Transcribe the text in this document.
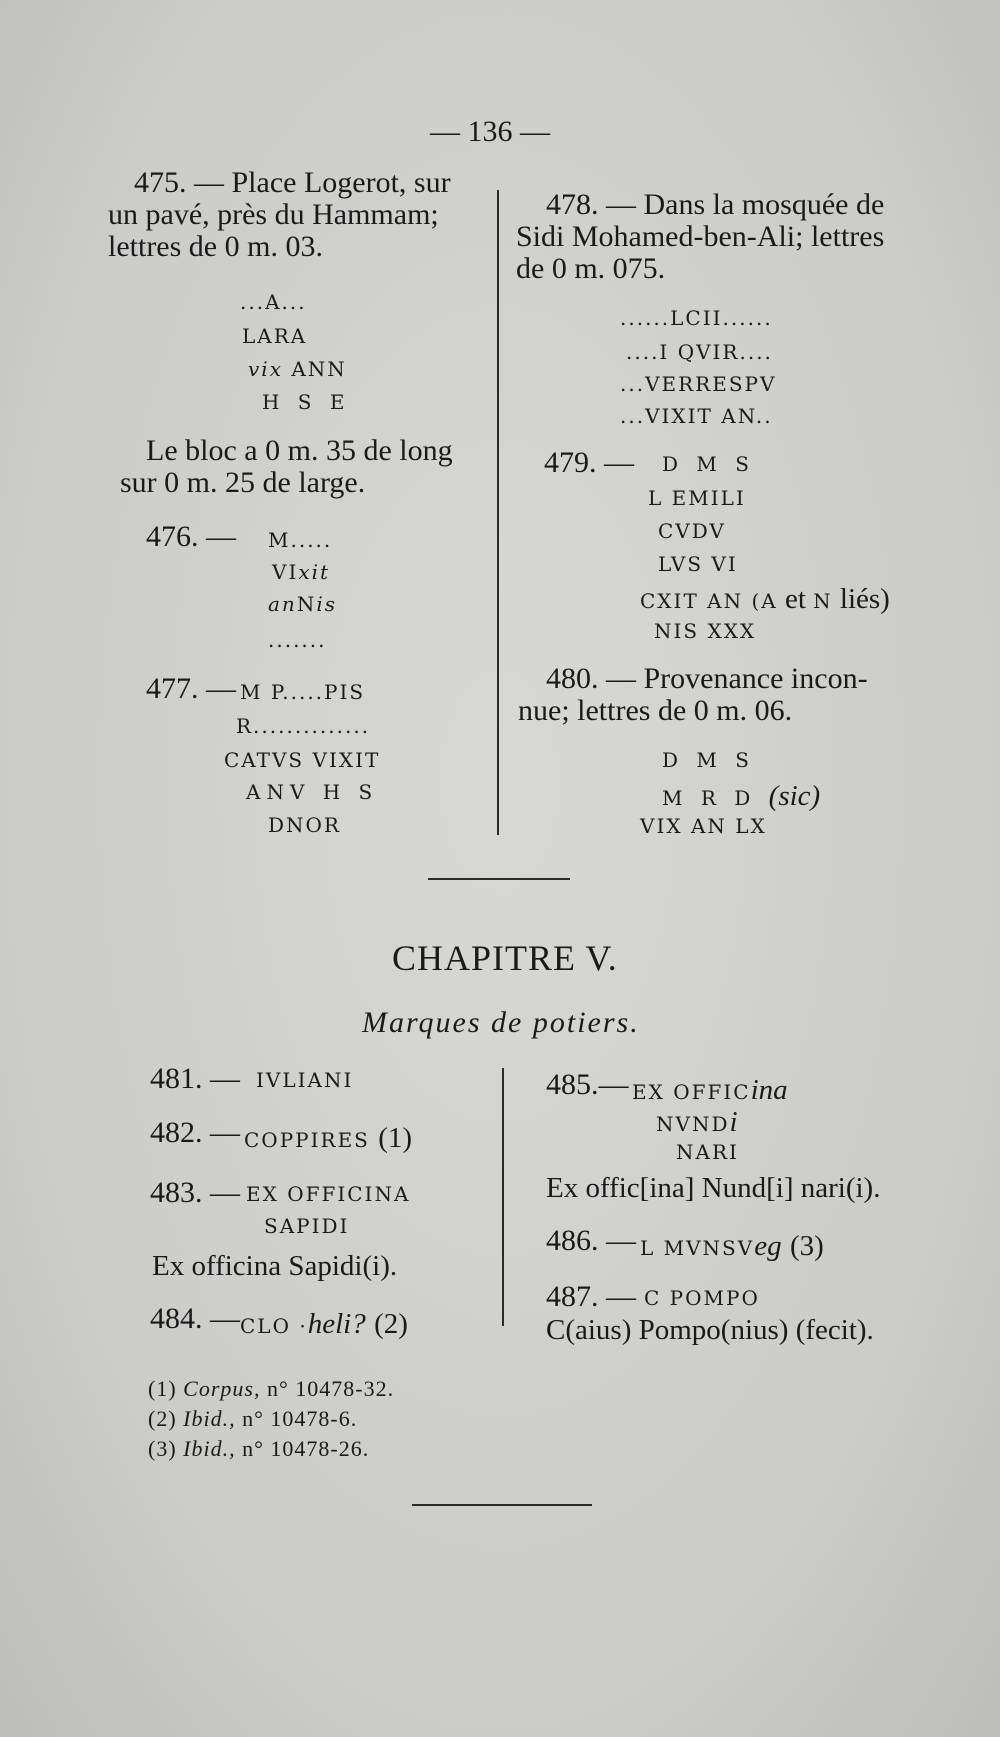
— 136 —
475. — Place Logerot, sur
un pavé, près du Hammam;
lettres de 0 m. 03.
...A...
LARA
vix ANN
H S E
Le bloc a 0 m. 35 de long
sur 0 m. 25 de large.
476. — M.....
VIxit
anNis
.......
477. — M P.....PIS
R..............
CATVS VIXIT
ANV H S
DNOR
478. — Dans la mosquée de
Sidi Mohamed-ben-Ali; lettres
de 0 m. 075.
......LCII......
....I QVIR....
...VERRESPV
...VIXIT AN..
479. — D M S
L EMILI
CVDV
LVS VI
CXIT AN (A et N liés)
NIS XXX
480. — Provenance incon-
nue; lettres de 0 m. 06.
D M S
M R D (sic)
VIX AN LX
CHAPITRE V.
Marques de potiers.
481. — IVLIANI
482. — COPPIRES (1)
483. — EX OFFICINA
SAPIDI
Ex officina Sapidi(i).
484. — CLO ·heli? (2)
485.— EX OFFICina
NVNDi
NARI
Ex offic[ina] Nund[i] nari(i).
486. — L MVNSVeg (3)
487. — C POMPO
C(aius) Pompo(nius) (fecit).
(1) Corpus, n° 10478-32.
(2) Ibid., n° 10478-6.
(3) Ibid., n° 10478-26.
